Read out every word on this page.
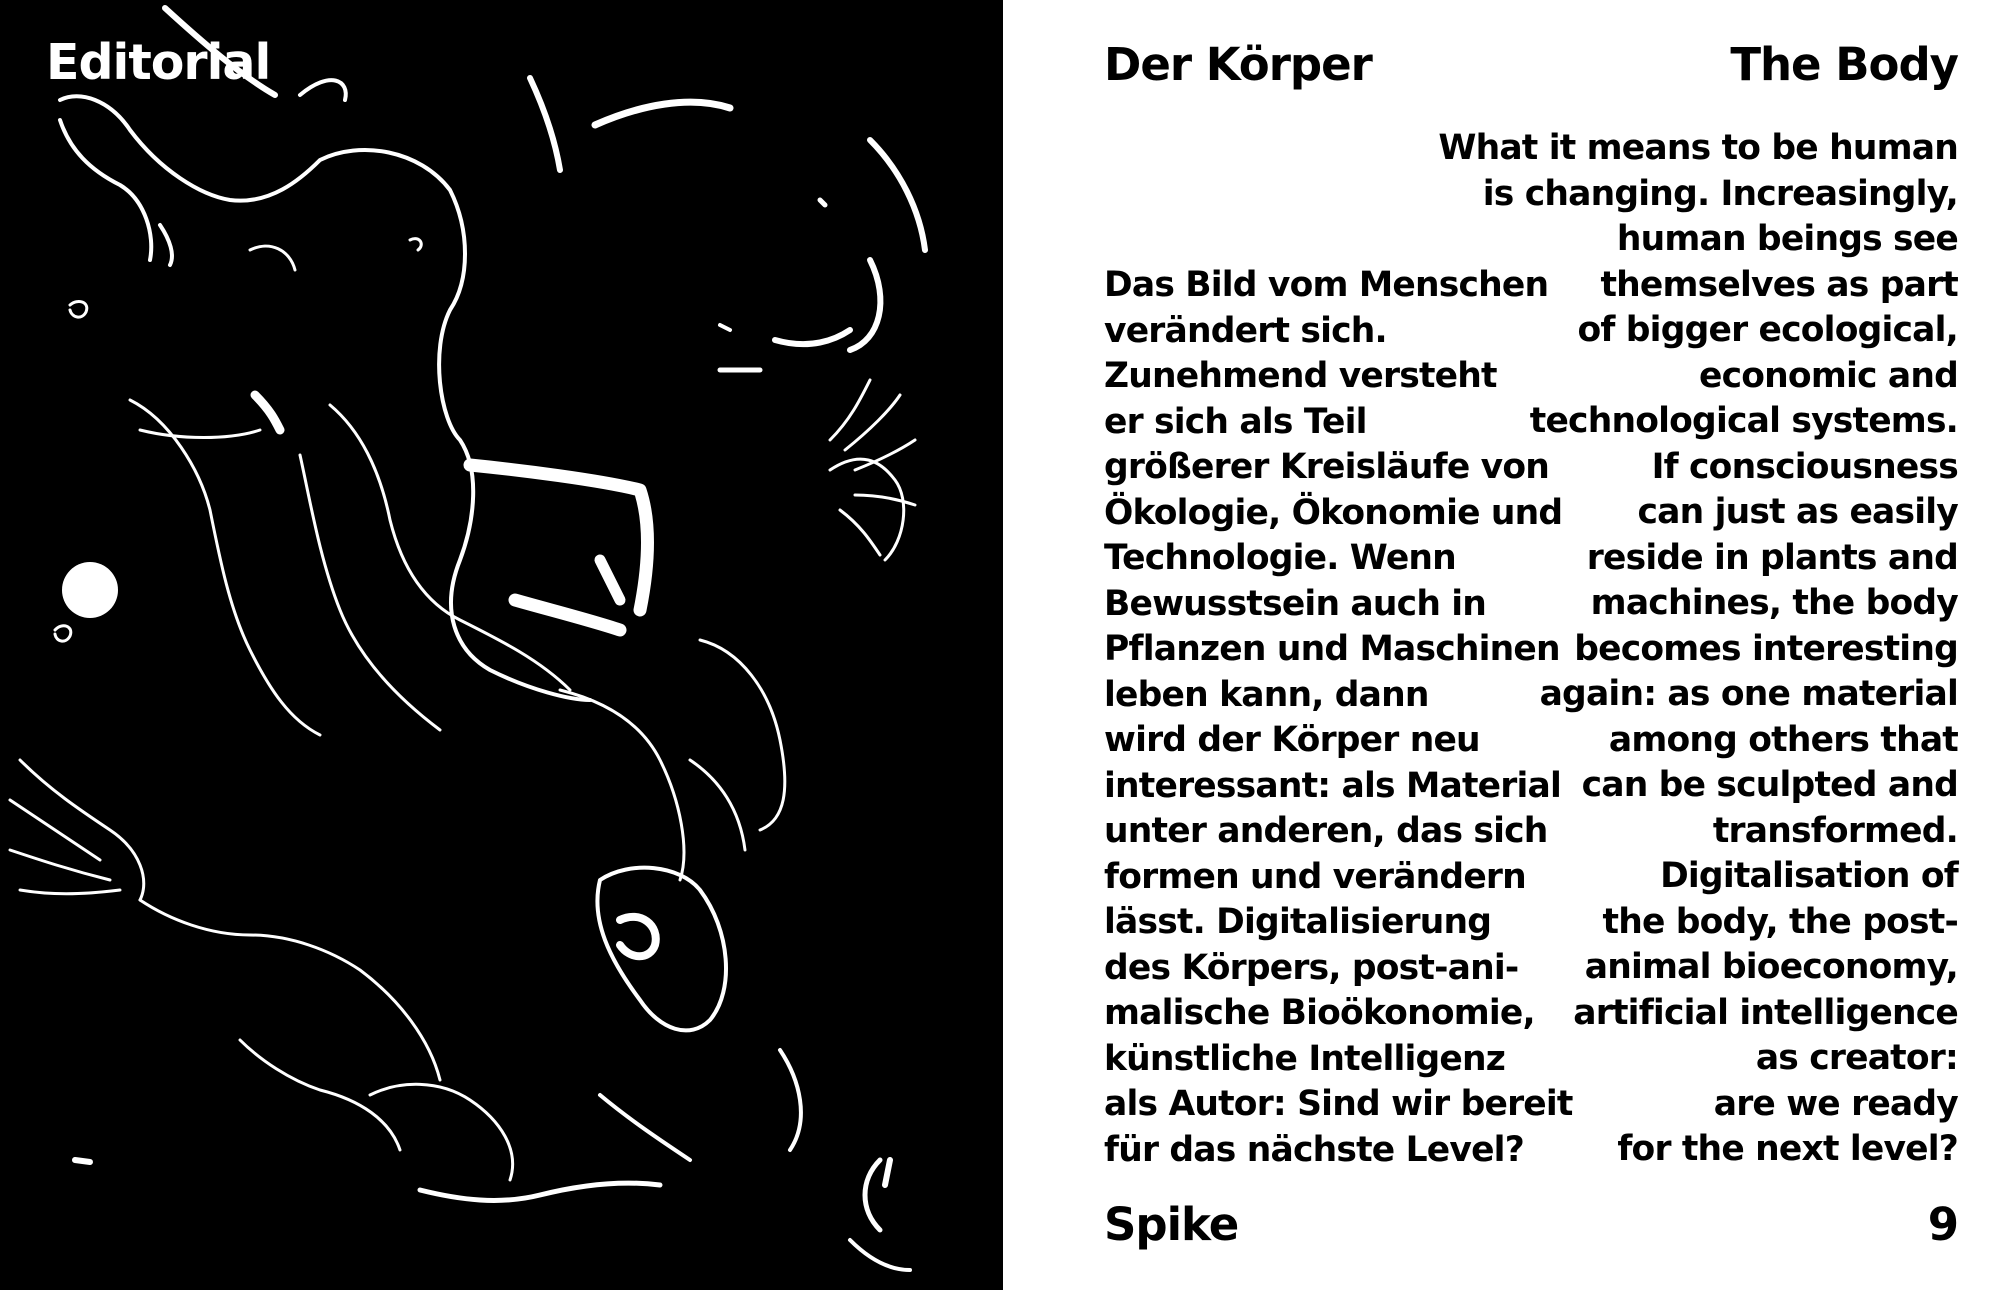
Editorial	Der Körper	The Body
Das Bild vom Menschen
verändert sich.
Zunehmend versteht
er sich als Teil
größerer Kreisläufe von
Ökologie, Ökonomie und
Technologie. Wenn
Bewusstsein auch in
Pflanzen und Maschinen
leben kann, dann
wird der Körper neu
interessant: als Material
unter anderen, das sich
formen und verändern
lässt. Digitalisierung
des Körpers, post-ani-
malische Bioökonomie,
künstliche Intelligenz
als Autor: Sind wir bereit
für das nächste Level?
What it means to be human
is changing. Increasingly,
human beings see
themselves as part
of bigger ecological,
economic and
technological systems.
If consciousness
can just as easily
reside in plants and
machines, the body
becomes interesting
again: as one material
among others that
can be sculpted and
transformed.
Digitalisation of
the body, the post-
animal bioeconomy,
artificial intelligence
as creator:
are we ready
for the next level?
Spike	9
